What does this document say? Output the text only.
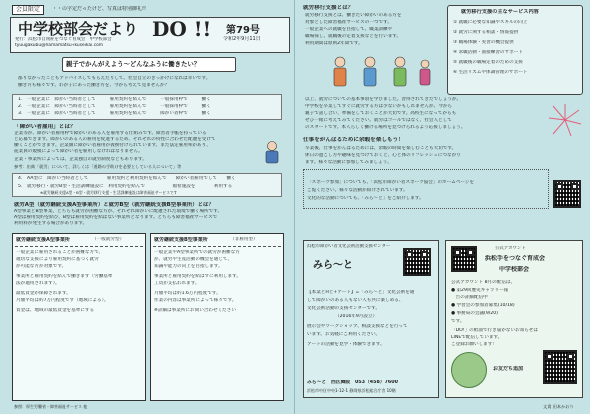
会員限定	・・の字定だったけど、写真は特別御礼!!
中学校部会だより DO !! 第79号
令和2年9月11日
発行：浜松市自閉症をつなぐ育成会　中学校部会
tyuugakubu@hamamatsu-ikuseikai.com
親子でかんがえよう～どんなふうに働きたい？
都りなかったこともアドバイスしてもらえたりして、社会自立のきっかけになれば幸いです。
働き方も様々です。わが子にあった働き方を、今から考えて見ませんか？
1.　一般企業に　障がい当時者として　　　雇用契約を結んで　　　一般採用枠で　　　働く
2.　一般企業に　障がい当時者として　　　雇用契約を結んで　　　一般採用枠で　　　働く
3.　一般企業に　障がい当時者として　　　雇用契約を結んで　　　障がい者枠で　　　働く
「障がい者雇用」とは？
企業等が、障がい者雇用枠で障がいのある人を雇用する仕組みです。障害者手帳を持っている
と応募できます。障がいのある人の雇用を促進するため、それぞれの特性に合わせた配慮を受けて
働くことができます。企業側に障がい者雇用が義務付けられています。また法定雇用率があり、
従業員の規模によって障がい者を雇用しなければなりません。
企業・事業所によっては、企業独自の就労制度などもあります。
参考：出典「就労」について、詳しくは「道路の手助けを必要としている人について」等
4.　AA型に　障がい当時者として　　　　雇用契約と利用契約を結んで　　障がい者雇用でして　　働く
5.　就労移行・就労B型・生活訓練施設に　利用契約を結んで　　　　　　福祉施設を　　　　利用する
※就労継続支援A型・B型・就労移行支援・生活訓練施設は障害福祉サービスです
就労A型（就労継続支援A型事業所）と就労B型（就労継続支援B型事業所）とは？
A型事業とB型事業、どちらも就労が困難な方が、それぞれ障がいに配慮された環境で働く場所です。
A型は雇用契約を結び、B型は雇用契約を結ばない事業所となります。どちらも障害福祉サービスで
利用料が発生する場合があります。
就労継続支援A型事業所	（一般就労型）
一般企業に雇用されることが困難な方で、
適切な支援により雇用契約に基づく就労
が可能な方が対象です。
事業所と雇用契約を結んで働きます（労働基準
法が適用されます）。
最低賃金が保障されます。
月額平均は約7万円程度です（地域による）。
賃金は、地域の最低賃金を基準にする
就労継続支援B型事業所	（非雇用型）
一般企業やA型事業所での就労が困難な方
が、就労や生産活動の機会を通じて、
知識や能力の向上を目指します。
事業所と雇用契約を結ばずに利用します。
工賃が支払われます。
月額平均は約1.6万円程度です。
作業の内容は事業所によって様々です。
※詳細は事業所にお問い合わせください
参照：厚生労働省・障害福祉サービス 他
就労移行支援とは？
就労移行支援とは、働きたい障がいのある方を
対象とした障害福祉サービスの一つです。
一般企業への就職を目指して、職業訓練や
職場探し、就職後の定着支援などを行います。
利用期間は原則2年間です。
就労移行支援の主なサービス内容
① 就職に必要な知識やスキルの向上
② 就労に関する相談・情報提供
③ 職場体験・実習の機会提供
④ 求職活動・面接練習のサポート
⑤ 就職後の職場定着のための支援
⑥ 生活リズムや体調管理のサポート
以上、就労についての基本事項を学びました。習得されてきたでしょうか。
中学校を卒業してすぐに就労する方は少ないかもしれませんが、今から
親子で話し合い、準備をしておくことが大切です。高校生になってからも
ぜひ一緒に考えてみてください。就労はゴールではなく、社会人として
のスタートです。本人らしく働ける場所を見つけられるよう応援しましょう。
仕事をがんばるために余暇を楽しもう！
卒業後、仕事をがんばるためには、余暇の時間を楽しむことも大切です。
休日の過ごし方や趣味を見つけておくと、心と体のリフレッシュにつながり
ます。様々な活動に参加してみましょう。
「スポーツ参加」についても、「浜松市障がい者スポーツ協会」のホームページを
ご覧ください。様々な活動が紹介されています。
文化的な活動についても、「みら～と」をご紹介します。
浜松市障がい者文化芸術活動支援センター
みら～と
【本業とHと+アート】=「みら～と」文化芸術を通
して障がいのある人もない人も共に楽しめる、
文化芸術活動の支援センターです。
（2016年9月設立）
展示会やワークショップ、相談支援などを行って
います。お気軽にご利用ください。
アートの活動を見学・体験できます。
みら～と　西区舞阪　053（458）7600
浜松市中区中央1-12-1 静岡県浜松総合庁舎 10階
公式アカウント
浜松手をつなぐ育成会
中学校部会
公式アカウント 8月の配信は、
● 第29回歴史ギャラリー報
　告の詳細配信中
● 学習会の参加者募集(10/18)
● 事務局の会議(9/20)
です。
「DO!」の紙面で行き届かないお知らせは
LINEで配信しています。
ご登録お願いします！
お友だち追加
文責 田本かおり
